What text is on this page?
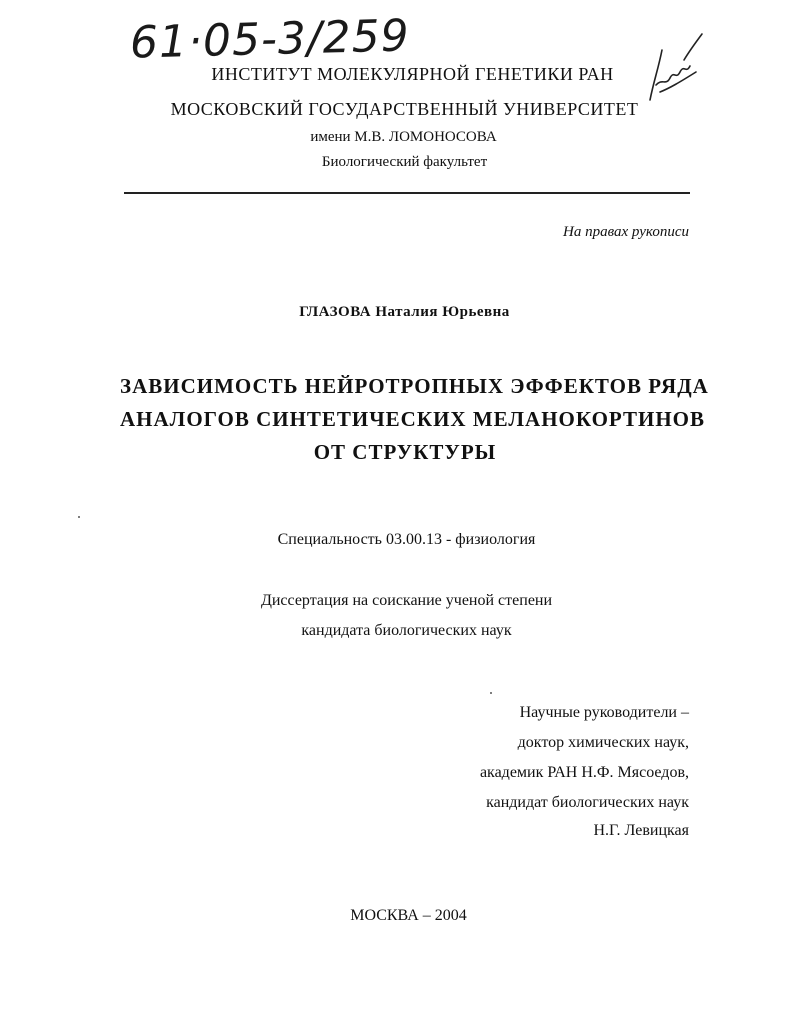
61·05-3/259
ИНСТИТУТ МОЛЕКУЛЯРНОЙ ГЕНЕТИКИ РАН
МОСКОВСКИЙ ГОСУДАРСТВЕННЫЙ УНИВЕРСИТЕТ
имени М.В. ЛОМОНОСОВА
Биологический факультет
На правах рукописи
ГЛАЗОВА Наталия Юрьевна
ЗАВИСИМОСТЬ НЕЙРОТРОПНЫХ ЭФФЕКТОВ РЯДА
АНАЛОГОВ СИНТЕТИЧЕСКИХ МЕЛАНОКОРТИНОВ
ОТ СТРУКТУРЫ
Специальность 03.00.13 - физиология
Диссертация на соискание ученой степени
кандидата биологических наук
Научные руководители –
доктор химических наук,
академик РАН Н.Ф. Мясоедов,
кандидат биологических наук
Н.Г. Левицкая
МОСКВА – 2004
